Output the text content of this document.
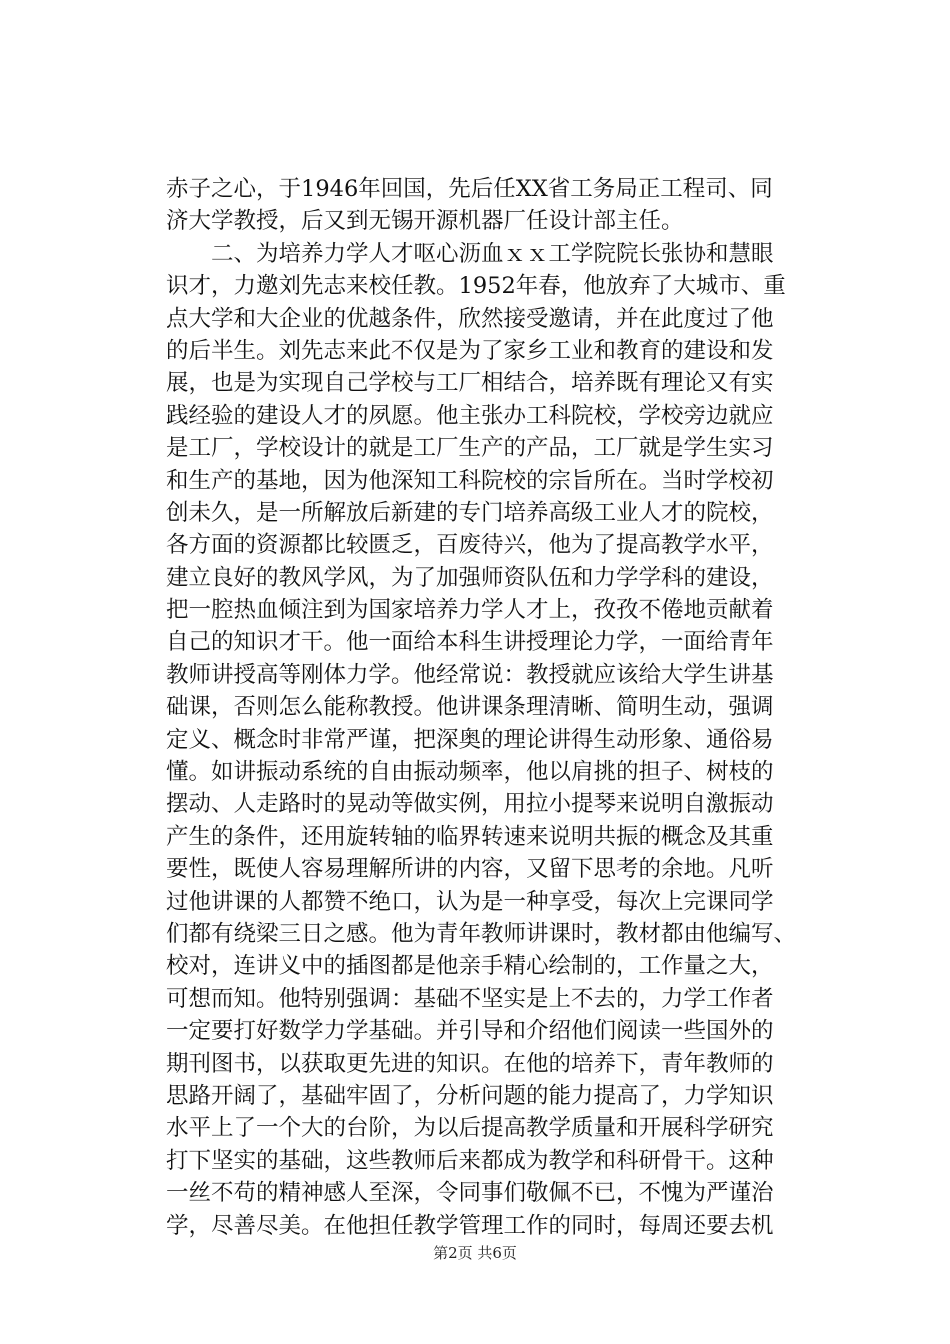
赤子之心，于1946年回国，先后任XX省工务局正工程司、同
济大学教授，后又到无锡开源机器厂任设计部主任。
　　二、为培养力学人才呕心沥血ｘｘ工学院院长张协和慧眼
识才，力邀刘先志来校任教。1952年春，他放弃了大城市、重
点大学和大企业的优越条件，欣然接受邀请，并在此度过了他
的后半生。刘先志来此不仅是为了家乡工业和教育的建设和发
展，也是为实现自己学校与工厂相结合，培养既有理论又有实
践经验的建设人才的夙愿。他主张办工科院校，学校旁边就应
是工厂，学校设计的就是工厂生产的产品，工厂就是学生实习
和生产的基地，因为他深知工科院校的宗旨所在。当时学校初
创未久，是一所解放后新建的专门培养高级工业人才的院校，
各方面的资源都比较匮乏，百废待兴，他为了提高教学水平，
建立良好的教风学风，为了加强师资队伍和力学学科的建设，
把一腔热血倾注到为国家培养力学人才上，孜孜不倦地贡献着
自己的知识才干。他一面给本科生讲授理论力学，一面给青年
教师讲授高等刚体力学。他经常说：教授就应该给大学生讲基
础课，否则怎么能称教授。他讲课条理清晰、简明生动，强调
定义、概念时非常严谨，把深奥的理论讲得生动形象、通俗易
懂。如讲振动系统的自由振动频率，他以肩挑的担子、树枝的
摆动、人走路时的晃动等做实例，用拉小提琴来说明自激振动
产生的条件，还用旋转轴的临界转速来说明共振的概念及其重
要性，既使人容易理解所讲的内容，又留下思考的余地。凡听
过他讲课的人都赞不绝口，认为是一种享受，每次上完课同学
们都有绕梁三日之感。他为青年教师讲课时，教材都由他编写、
校对，连讲义中的插图都是他亲手精心绘制的，工作量之大，
可想而知。他特别强调：基础不坚实是上不去的，力学工作者
一定要打好数学力学基础。并引导和介绍他们阅读一些国外的
期刊图书，以获取更先进的知识。在他的培养下，青年教师的
思路开阔了，基础牢固了，分析问题的能力提高了，力学知识
水平上了一个大的台阶，为以后提高教学质量和开展科学研究
打下坚实的基础，这些教师后来都成为教学和科研骨干。这种
一丝不苟的精神感人至深，令同事们敬佩不已，不愧为严谨治
学，尽善尽美。在他担任教学管理工作的同时，每周还要去机
第2页 共6页
